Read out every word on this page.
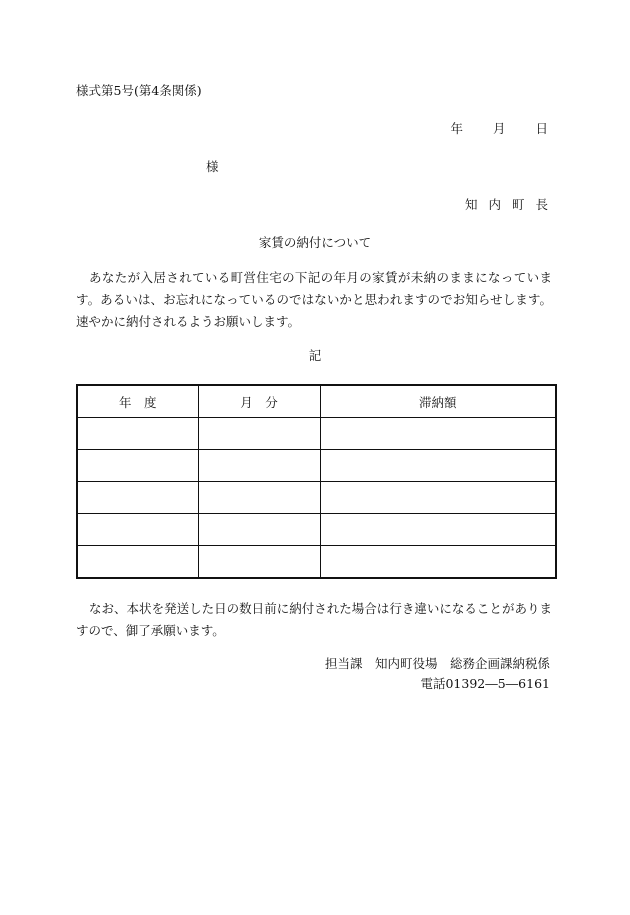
様式第5号(第4条関係)
年 月 日
様
知内町長
家賃の納付について
あなたが入居されている町営住宅の下記の年月の家賃が未納のままになっています。あるいは、お忘れになっているのではないかと思われますのでお知らせします。速やかに納付されるようお願いします。
記
年　度	月　分	滞納額

なお、本状を発送した日の数日前に納付された場合は行き違いになることがありますので、御了承願います。
担当課　知内町役場　総務企画課納税係
電話01392―5―6161
